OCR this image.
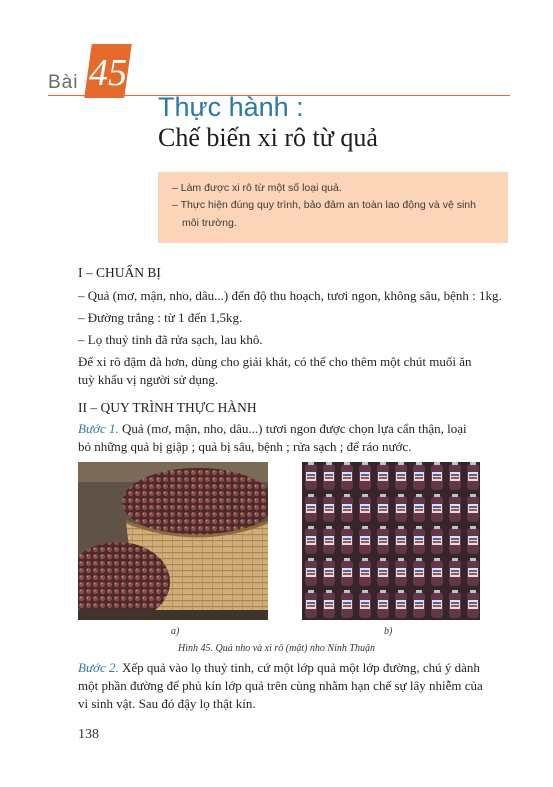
Bài 45
Thực hành :
Chế biến xi rô từ quả
– Làm được xi rô từ một số loại quả.
– Thực hiện đúng quy trình, bảo đảm an toàn lao động và vệ sinh
môi trường.
I – CHUẨN BỊ
– Quả (mơ, mận, nho, dâu...) đến độ thu hoạch, tươi ngon, không sâu, bệnh : 1kg.
– Đường trắng : từ 1 đến 1,5kg.
– Lọ thuỷ tinh đã rửa sạch, lau khô.
Để xi rô đậm đà hơn, dùng cho giải khát, có thể cho thêm một chút muối ăn
tuỳ khẩu vị người sử dụng.
II – QUY TRÌNH THỰC HÀNH
Bước 1. Quả (mơ, mận, nho, dâu...) tươi ngon được chọn lựa cẩn thận, loại
bỏ những quả bị giập ; quả bị sâu, bệnh ; rửa sạch ; để ráo nước.
a)	b)
Hình 45. Quả nho và xi rô (mật) nho Ninh Thuận
Bước 2. Xếp quả vào lọ thuỷ tinh, cứ một lớp quả một lớp đường, chú ý dành
một phần đường để phủ kín lớp quả trên cùng nhằm hạn chế sự lây nhiễm của
vi sinh vật. Sau đó đậy lọ thật kín.
138
